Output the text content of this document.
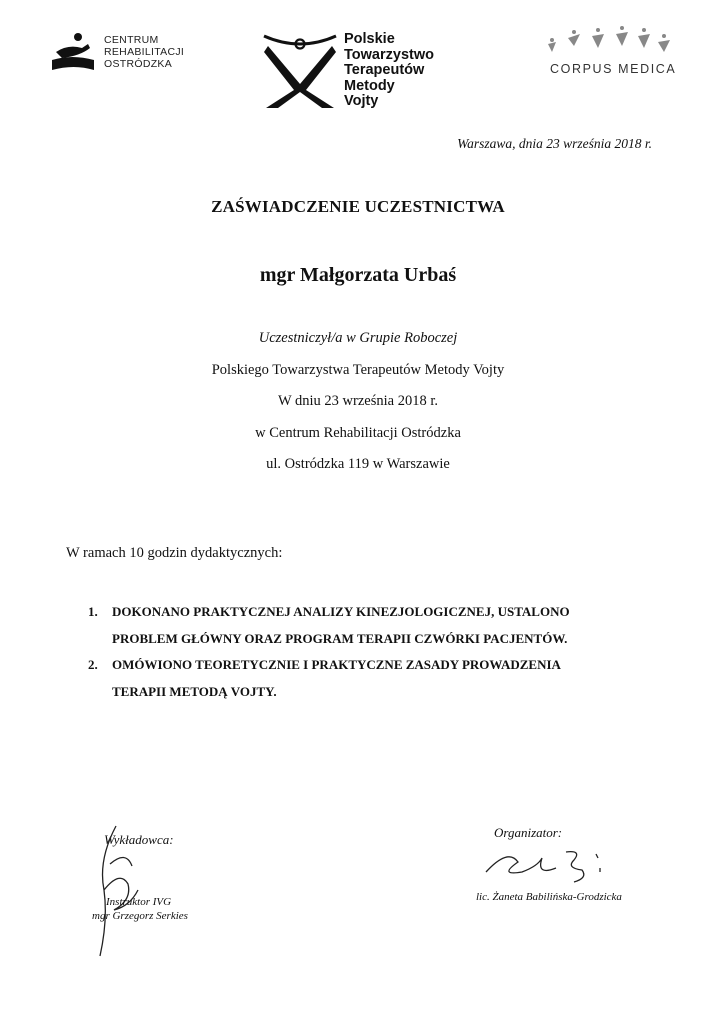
CENTRUM
REHABILITACJI
OSTRÓDZKA
Polskie
Towarzystwo
Terapeutów
Metody
Vojty
CORPUS MEDICA
Warszawa, dnia 23 września 2018 r.
ZAŚWIADCZENIE UCZESTNICTWA
mgr Małgorzata Urbaś
Uczestniczył/a w Grupie Roboczej
Polskiego Towarzystwa Terapeutów Metody Vojty
W dniu 23 września 2018 r.
w Centrum Rehabilitacji Ostródzka
ul. Ostródzka 119 w Warszawie
W ramach 10 godzin dydaktycznych:
1. DOKONANO PRAKTYCZNEJ ANALIZY KINEZJOLOGICZNEJ, USTALONO
PROBLEM GŁÓWNY ORAZ PROGRAM TERAPII CZWÓRKI PACJENTÓW.
2. OMÓWIONO TEORETYCZNIE I PRAKTYCZNE ZASADY PROWADZENIA
TERAPII METODĄ VOJTY.
Wykładowca:
Instruktor IVG
mgr Grzegorz Serkies
Organizator:
lic. Żaneta Babilińska-Grodzicka
